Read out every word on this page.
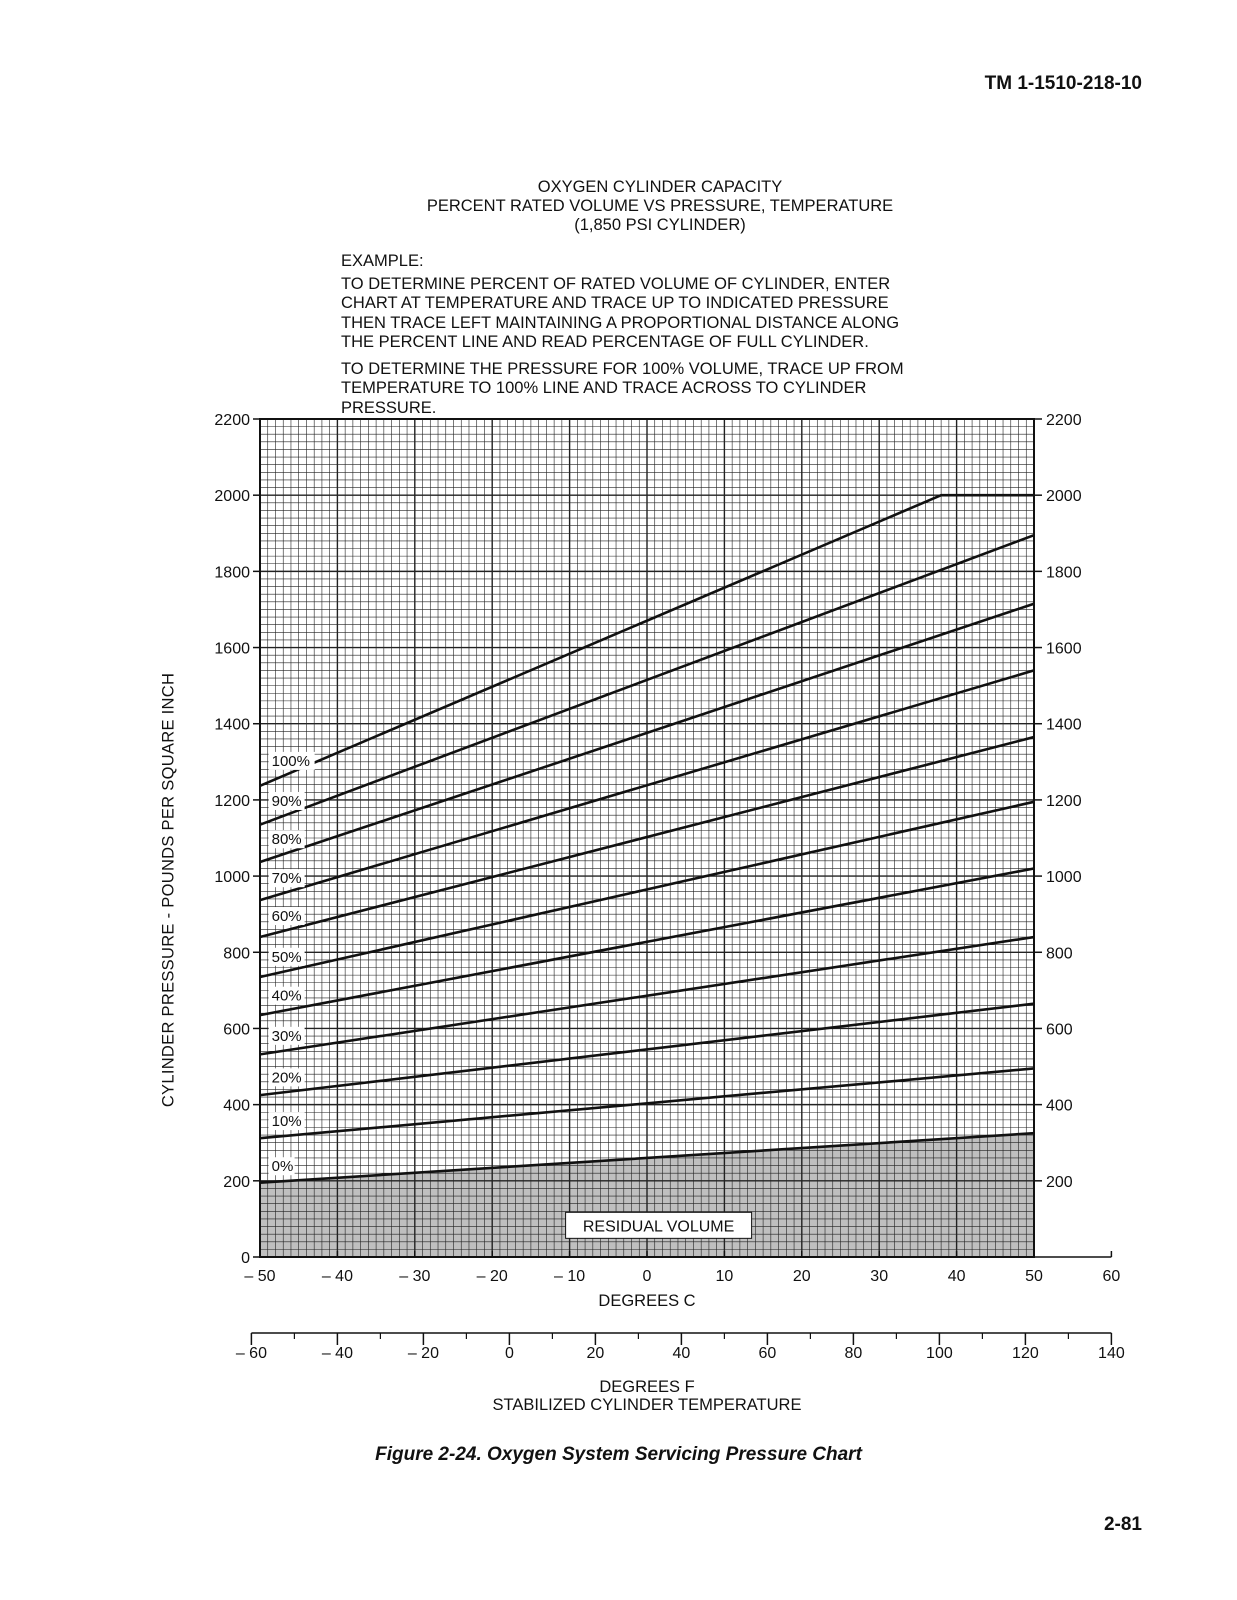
TM 1-1510-218-10
OXYGEN CYLINDER CAPACITY
PERCENT RATED VOLUME VS PRESSURE, TEMPERATURE
(1,850 PSI CYLINDER)

EXAMPLE:

TO DETERMINE PERCENT OF RATED VOLUME OF CYLINDER, ENTER
CHART AT TEMPERATURE AND TRACE UP TO INDICATED PRESSURE
THEN TRACE LEFT MAINTAINING A PROPORTIONAL DISTANCE ALONG
THE PERCENT LINE AND READ PERCENTAGE OF FULL CYLINDER.

TO DETERMINE THE PRESSURE FOR 100% VOLUME, TRACE UP FROM
TEMPERATURE TO 100% LINE AND TRACE ACROSS TO CYLINDER
PRESSURE.

CYLINDER PRESSURE - POUNDS PER SQUARE INCH
0%
10%
20%
30%
40%
50%
60%
70%
80%
90%
100%
RESIDUAL VOLUME
0
200
400
600
800
1000
1200
1400
1600
1800
2000
2200
200
400
600
800
1000
1200
1400
1600
1800
2000
2200
– 50	– 40	– 30	– 20	– 10	0	10	20	30	40	50	60
DEGREES C
– 60	– 40	– 20	0	20	40	60	80	100	120	140
DEGREES F
STABILIZED CYLINDER TEMPERATURE
Figure 2-24. Oxygen System Servicing Pressure Chart
2-81
